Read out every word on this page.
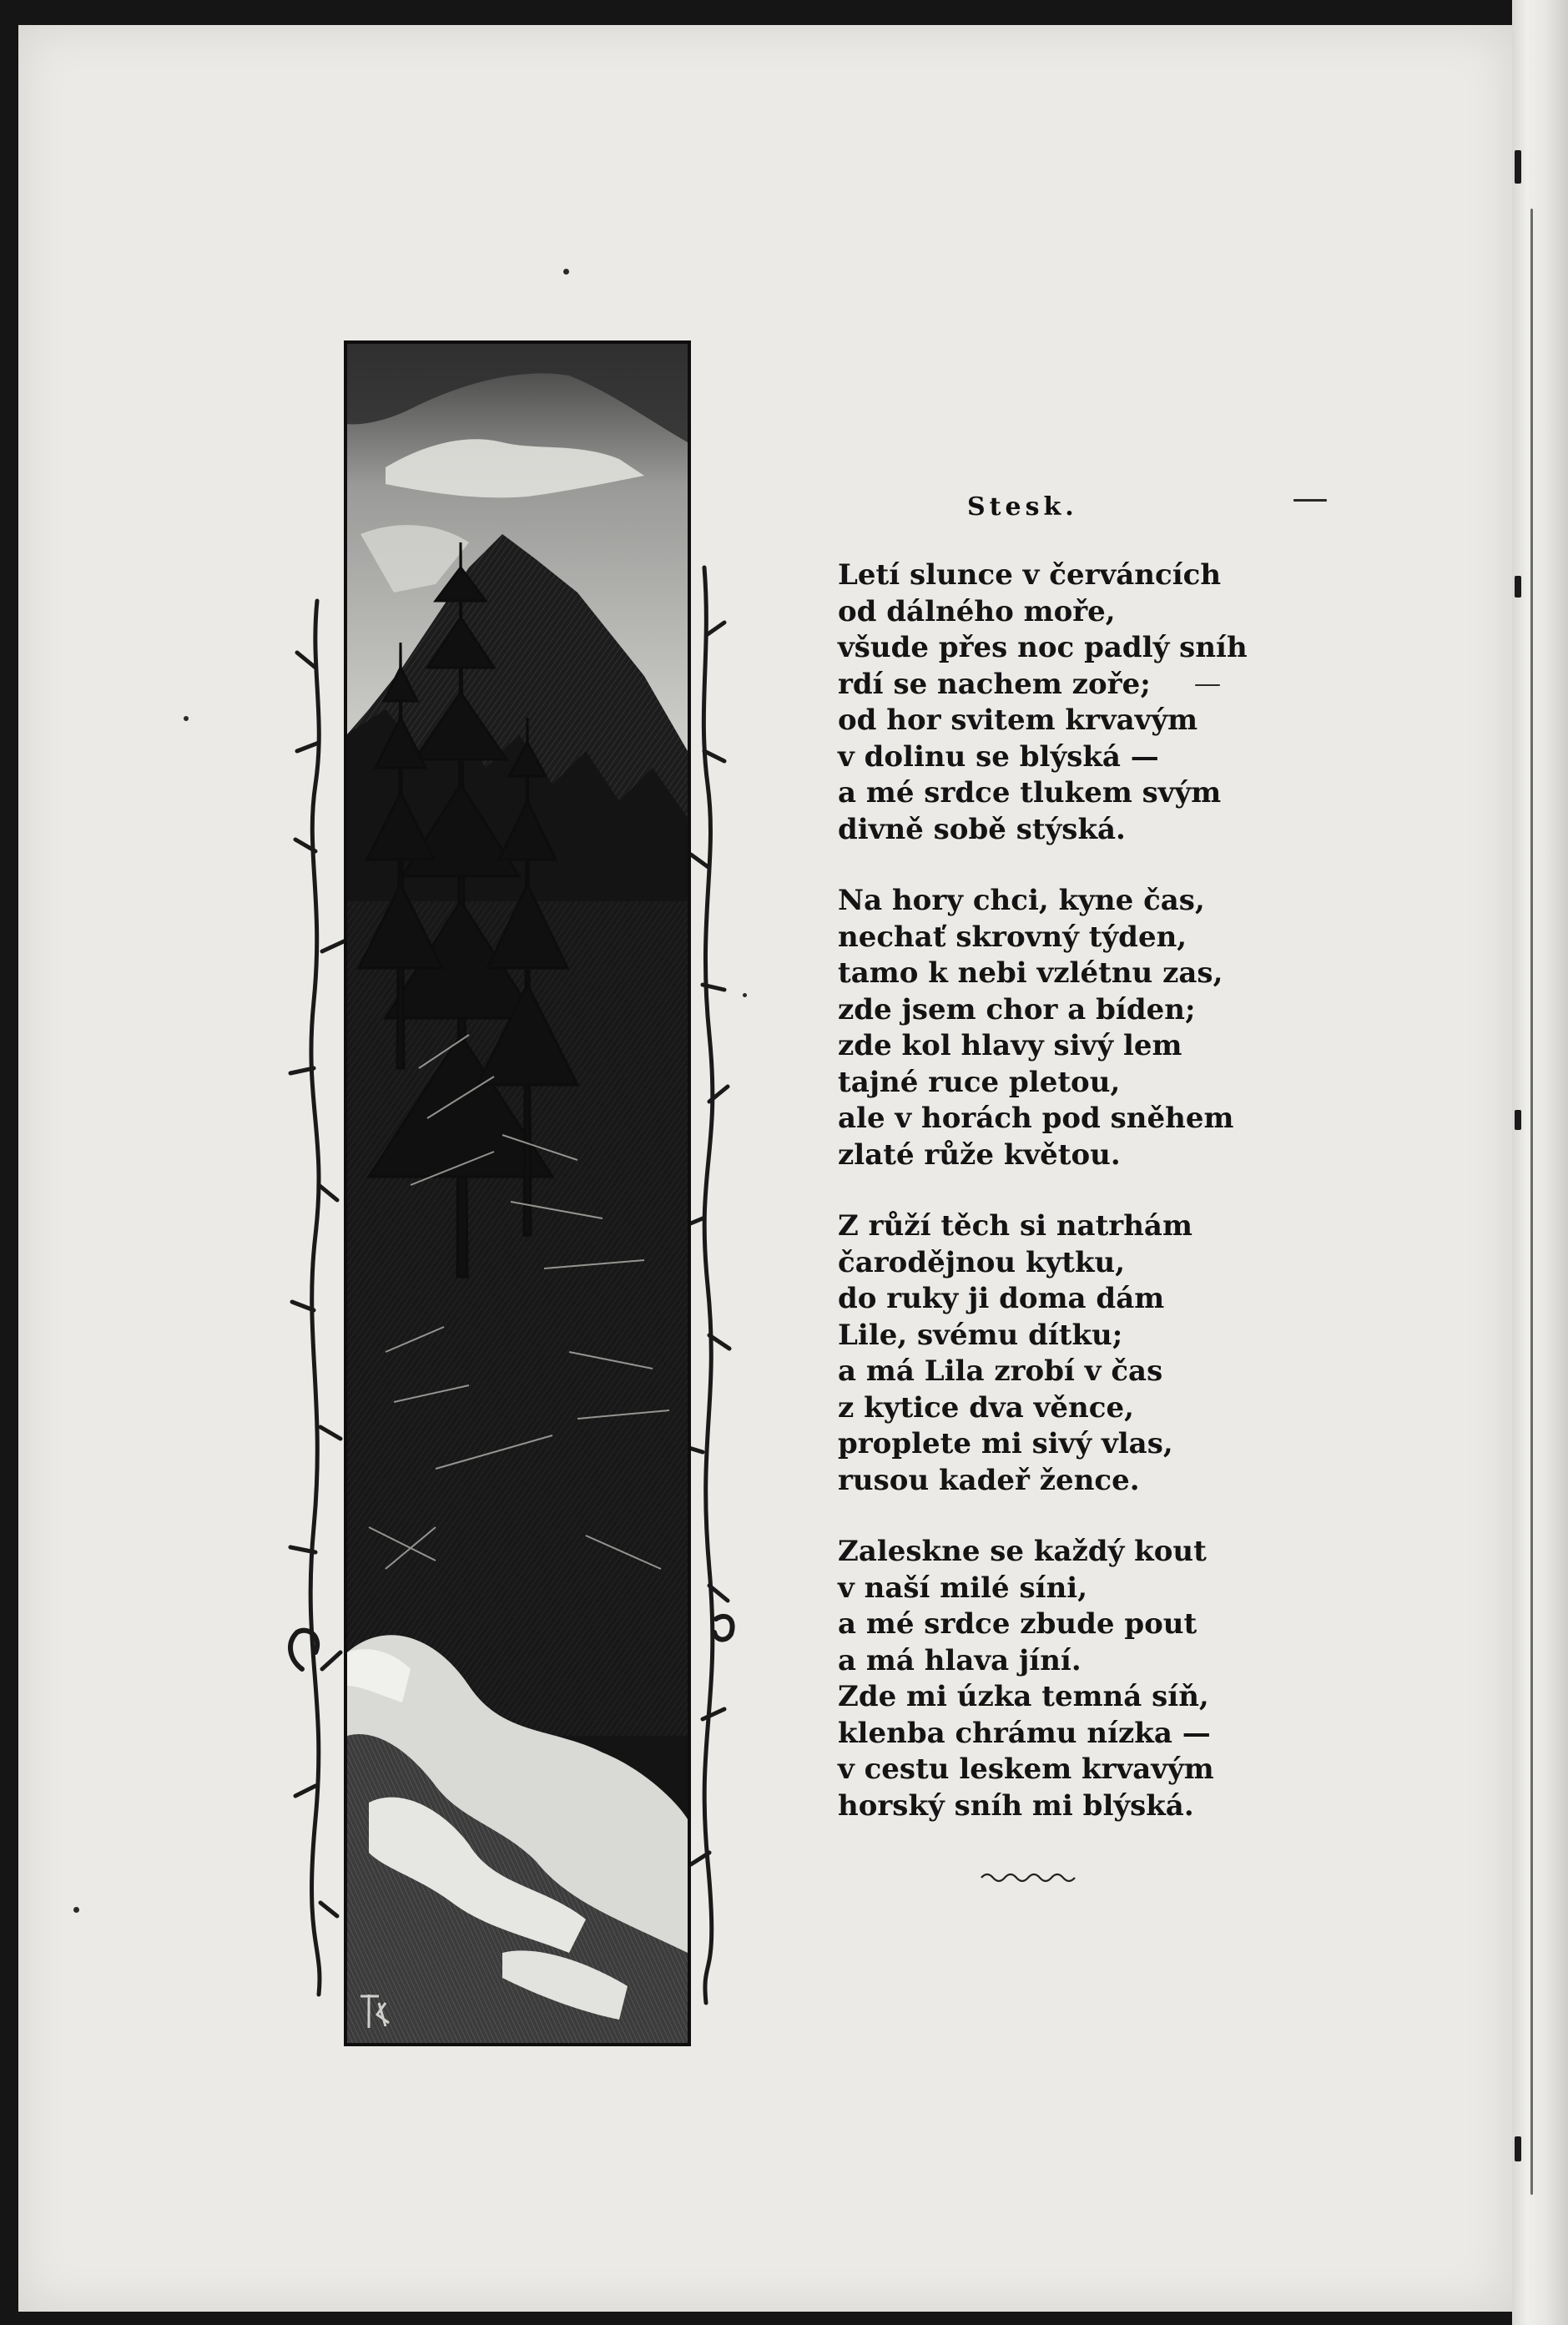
Stesk.
Letí slunce v červáncích
od dálného moře,
všude přes noc padlý sníh
rdí se nachem zoře;
od hor svitem krvavým
v dolinu se blýská —
a mé srdce tlukem svým
divně sobě stýská.
Na hory chci, kyne čas,
nechať skrovný týden,
tamo k nebi vzlétnu zas,
zde jsem chor a bíden;
zde kol hlavy sivý lem
tajné ruce pletou,
ale v horách pod sněhem
zlaté růže květou.
Z růží těch si natrhám
čarodějnou kytku,
do ruky ji doma dám
Lile, svému dítku;
a má Lila zrobí v čas
z kytice dva věnce,
proplete mi sivý vlas,
rusou kadeř žence.
Zaleskne se každý kout
v naší milé síni,
a mé srdce zbude pout
a má hlava jíní.
Zde mi úzka temná síň,
klenba chrámu nízka —
v cestu leskem krvavým
horský sníh mi blýská.
